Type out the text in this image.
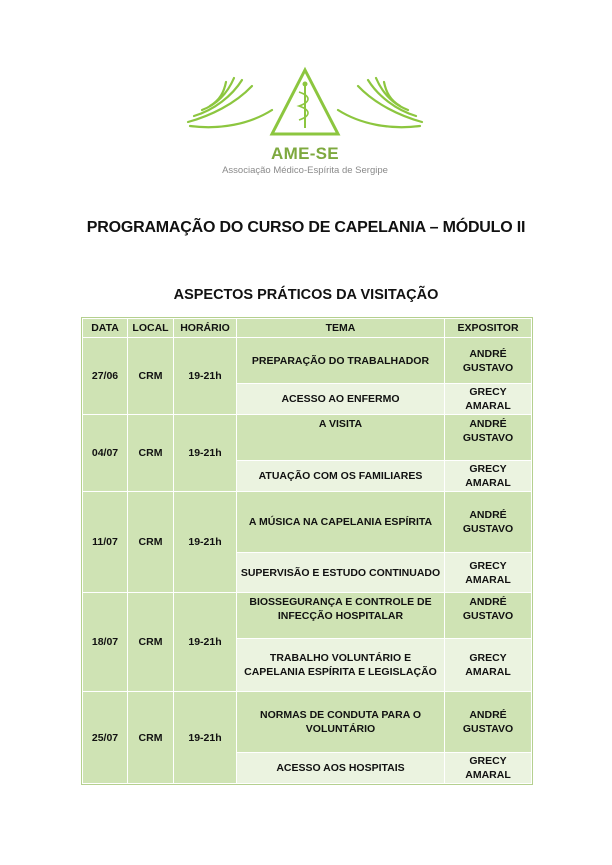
AME-SE
Associação Médico-Espírita de Sergipe
PROGRAMAÇÃO DO CURSO DE CAPELANIA – MÓDULO II
ASPECTOS PRÁTICOS DA VISITAÇÃO
DATA	LOCAL	HORÁRIO	TEMA	EXPOSITOR
27/06	CRM	19-21h	PREPARAÇÃO DO TRABALHADOR	ANDRÉ GUSTAVO
			ACESSO AO ENFERMO	GRECY AMARAL
04/07	CRM	19-21h	A VISITA	ANDRÉ GUSTAVO
			ATUAÇÃO COM OS FAMILIARES	GRECY AMARAL
11/07	CRM	19-21h	A MÚSICA NA CAPELANIA ESPÍRITA	ANDRÉ GUSTAVO
			SUPERVISÃO E ESTUDO CONTINUADO	GRECY AMARAL
18/07	CRM	19-21h	BIOSSEGURANÇA E CONTROLE DE INFECÇÃO HOSPITALAR	ANDRÉ GUSTAVO
			TRABALHO VOLUNTÁRIO E CAPELANIA ESPÍRITA E LEGISLAÇÃO	GRECY AMARAL
25/07	CRM	19-21h	NORMAS DE CONDUTA PARA O VOLUNTÁRIO	ANDRÉ GUSTAVO
			ACESSO AOS HOSPITAIS	GRECY AMARAL
